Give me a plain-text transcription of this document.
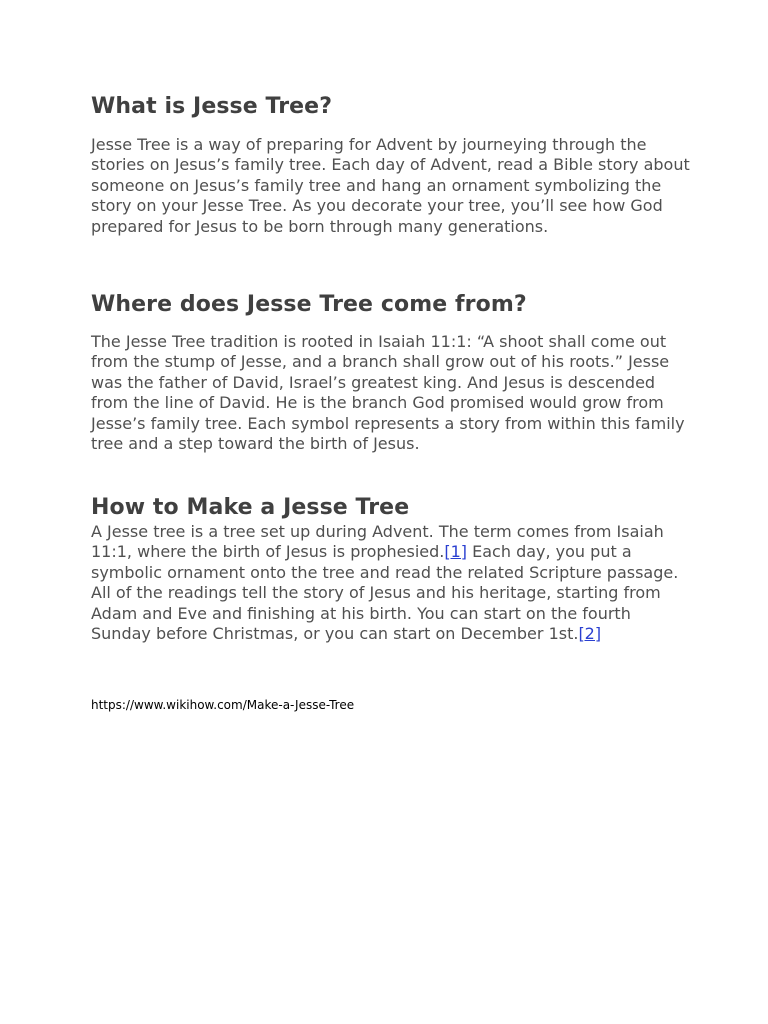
What is Jesse Tree?

Jesse Tree is a way of preparing for Advent by journeying through the stories on Jesus’s family tree. Each day of Advent, read a Bible story about someone on Jesus’s family tree and hang an ornament symbolizing the story on your Jesse Tree. As you decorate your tree, you’ll see how God prepared for Jesus to be born through many generations.

Where does Jesse Tree come from?

The Jesse Tree tradition is rooted in Isaiah 11:1: “A shoot shall come out from the stump of Jesse, and a branch shall grow out of his roots.” Jesse was the father of David, Israel’s greatest king. And Jesus is descended from the line of David. He is the branch God promised would grow from Jesse’s family tree. Each symbol represents a story from within this family tree and a step toward the birth of Jesus.

How to Make a Jesse Tree

A Jesse tree is a tree set up during Advent. The term comes from Isaiah 11:1, where the birth of Jesus is prophesied.[1] Each day, you put a symbolic ornament onto the tree and read the related Scripture passage. All of the readings tell the story of Jesus and his heritage, starting from Adam and Eve and finishing at his birth. You can start on the fourth Sunday before Christmas, or you can start on December 1st.[2]

https://www.wikihow.com/Make-a-Jesse-Tree
